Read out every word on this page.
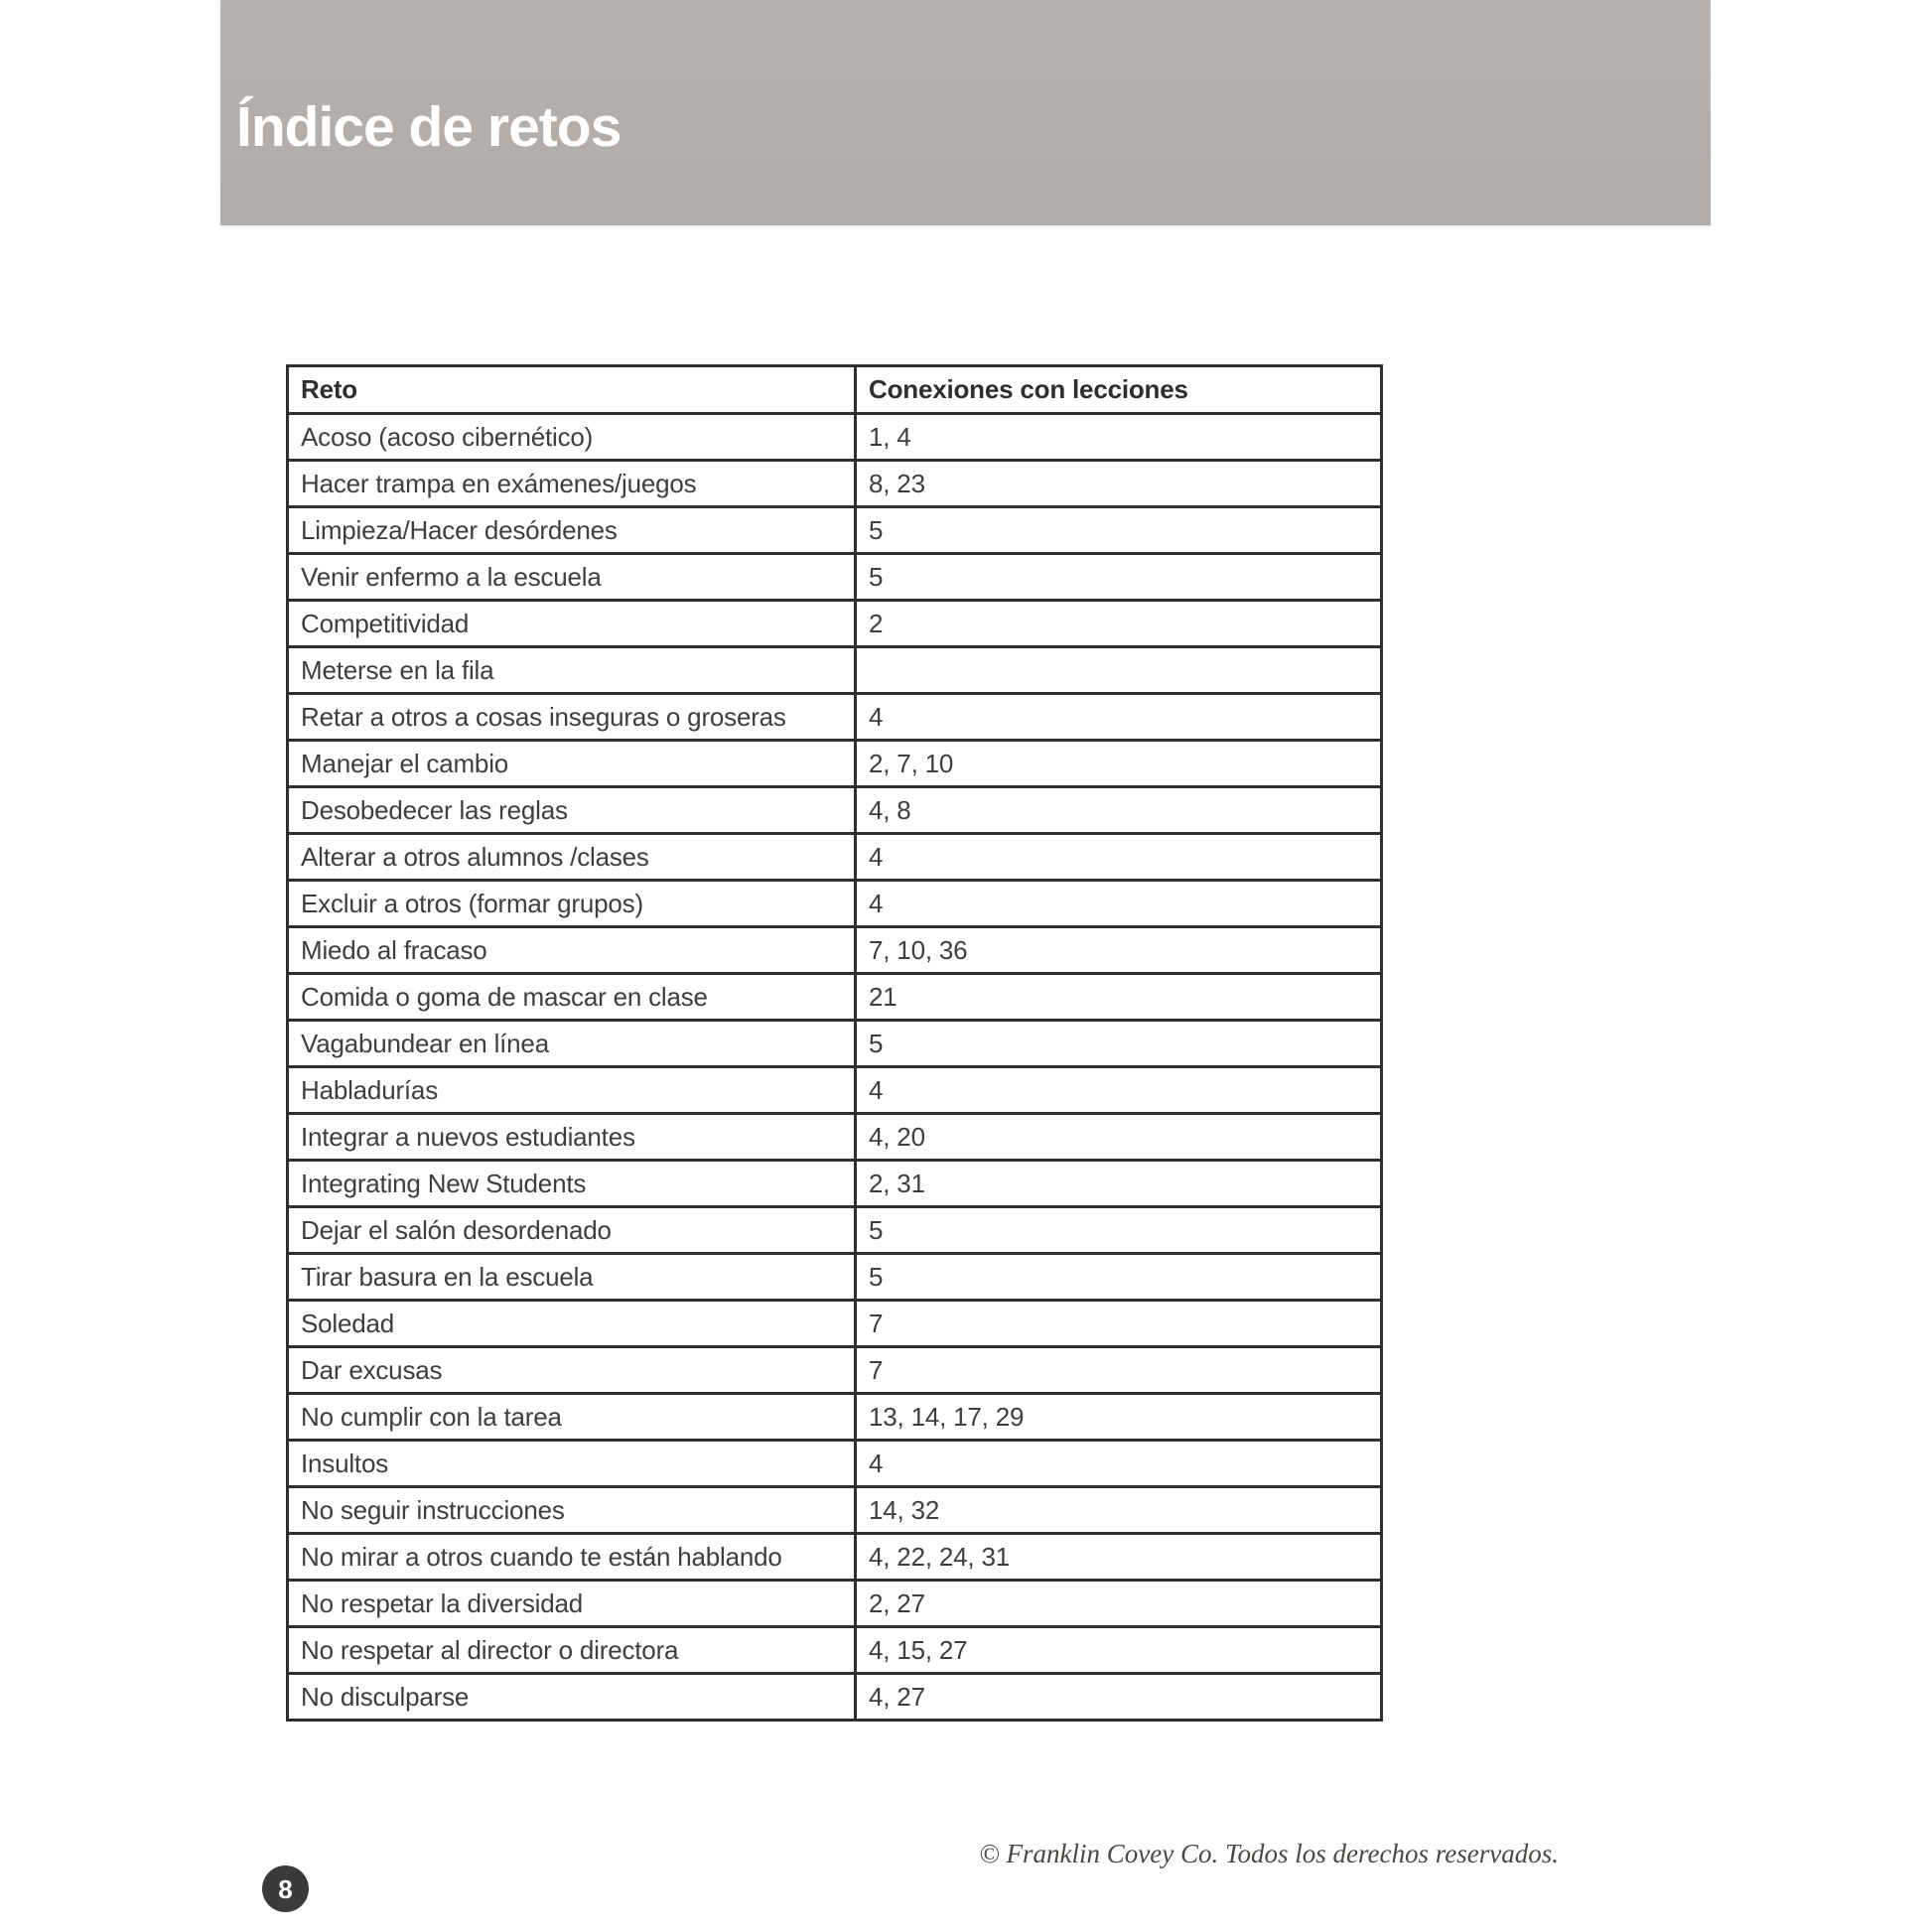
Índice de retos
Reto	Conexiones con lecciones
Acoso (acoso cibernético)	1, 4
Hacer trampa en exámenes/juegos	8, 23
Limpieza/Hacer desórdenes	5
Venir enfermo a la escuela	5
Competitividad	2
Meterse en la fila	
Retar a otros a cosas inseguras o groseras	4
Manejar el cambio	2, 7, 10
Desobedecer las reglas	4, 8
Alterar a otros alumnos /clases	4
Excluir a otros (formar grupos)	4
Miedo al fracaso	7, 10, 36
Comida o goma de mascar en clase	21
Vagabundear en línea	5
Habladurías	4
Integrar a nuevos estudiantes	4, 20
Integrating New Students	2, 31
Dejar el salón desordenado	5
Tirar basura en la escuela	5
Soledad	7
Dar excusas	7
No cumplir con la tarea	13, 14, 17, 29
Insultos	4
No seguir instrucciones	14, 32
No mirar a otros cuando te están hablando	4, 22, 24, 31
No respetar la diversidad	2, 27
No respetar al director o directora	4, 15, 27
No disculparse	4, 27
© Franklin Covey Co. Todos los derechos reservados.
8
